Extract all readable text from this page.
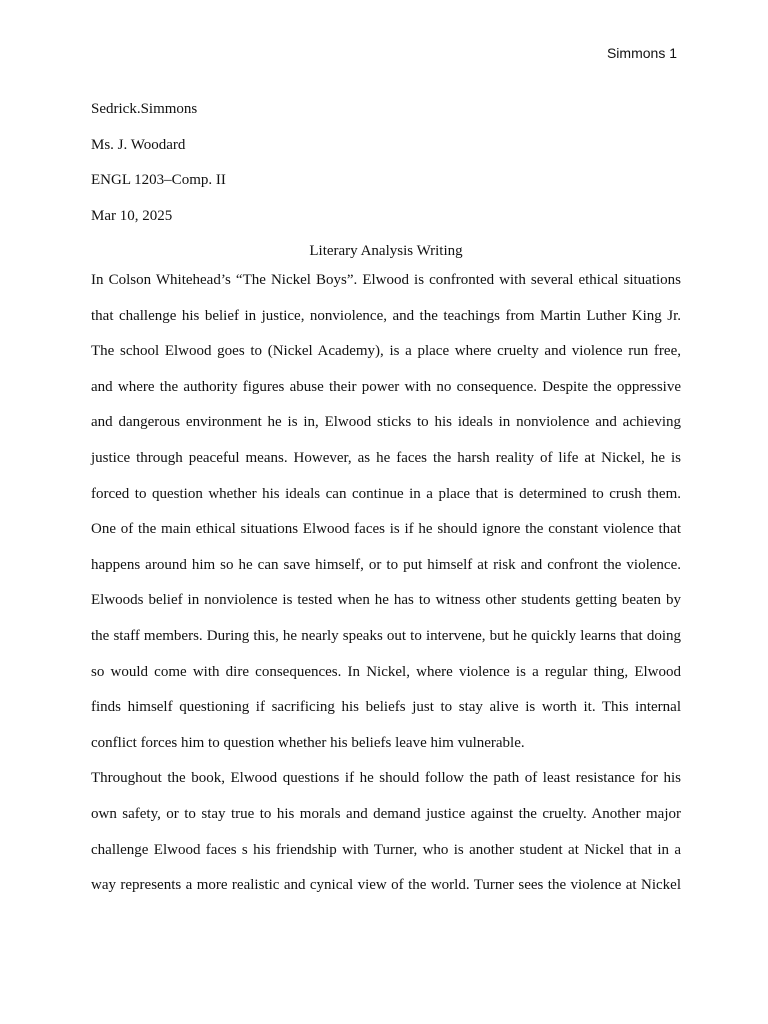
Simmons 1
Sedrick.Simmons
Ms. J. Woodard
ENGL 1203–Comp. II
Mar 10, 2025
Literary Analysis Writing
In Colson Whitehead’s “The Nickel Boys”. Elwood is confronted with several ethical situations
that challenge his belief in justice, nonviolence, and the teachings from Martin Luther King Jr.
The school Elwood goes to (Nickel Academy), is a place where cruelty and violence run free,
and where the authority figures abuse their power with no consequence. Despite the oppressive
and dangerous environment he is in, Elwood sticks to his ideals in nonviolence and achieving
justice through peaceful means. However, as he faces the harsh reality of life at Nickel, he is
forced to question whether his ideals can continue in a place that is determined to crush them.
One of the main ethical situations Elwood faces is if he should ignore the constant violence that
happens around him so he can save himself, or to put himself at risk and confront the violence.
Elwoods belief in nonviolence is tested when he has to witness other students getting beaten by
the staff members. During this, he nearly speaks out to intervene, but he quickly learns that doing
so would come with dire consequences. In Nickel, where violence is a regular thing, Elwood
finds himself questioning if sacrificing his beliefs just to stay alive is worth it. This internal
conflict forces him to question whether his beliefs leave him vulnerable.
Throughout the book, Elwood questions if he should follow the path of least resistance for his
own safety, or to stay true to his morals and demand justice against the cruelty. Another major
challenge Elwood faces s his friendship with Turner, who is another student at Nickel that in a
way represents a more realistic and cynical view of the world. Turner sees the violence at Nickel
